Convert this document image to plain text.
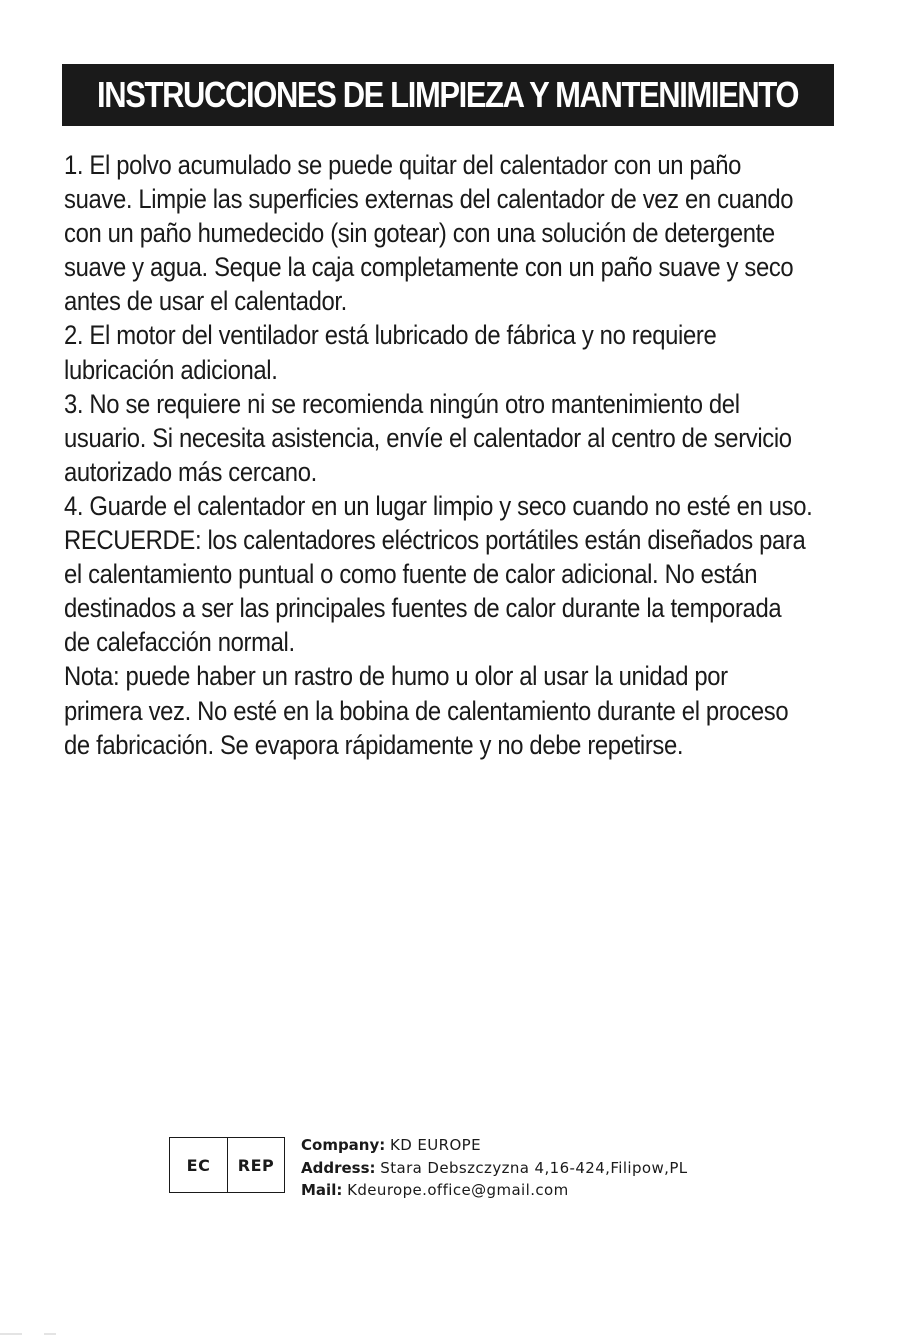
INSTRUCCIONES DE LIMPIEZA Y MANTENIMIENTO

1. El polvo acumulado se puede quitar del calentador con un paño

suave. Limpie las superficies externas del calentador de vez en cuando

con un paño humedecido (sin gotear) con una solución de detergente

suave y agua. Seque la caja completamente con un paño suave y seco

antes de usar el calentador.

2. El motor del ventilador está lubricado de fábrica y no requiere

lubricación adicional.

3. No se requiere ni se recomienda ningún otro mantenimiento del

usuario. Si necesita asistencia, envíe el calentador al centro de servicio

autorizado más cercano.

4. Guarde el calentador en un lugar limpio y seco cuando no esté en uso.

RECUERDE: los calentadores eléctricos portátiles están diseñados para

el calentamiento puntual o como fuente de calor adicional. No están

destinados a ser las principales fuentes de calor durante la temporada

de calefacción normal.

Nota: puede haber un rastro de humo u olor al usar la unidad por

primera vez. No esté en la bobina de calentamiento durante el proceso

de fabricación. Se evapora rápidamente y no debe repetirse.

EC	REP
Company: KD EUROPE
Address: Stara Debszczyzna 4,16-424,Filipow,PL
Mail: Kdeurope.office@gmail.com
